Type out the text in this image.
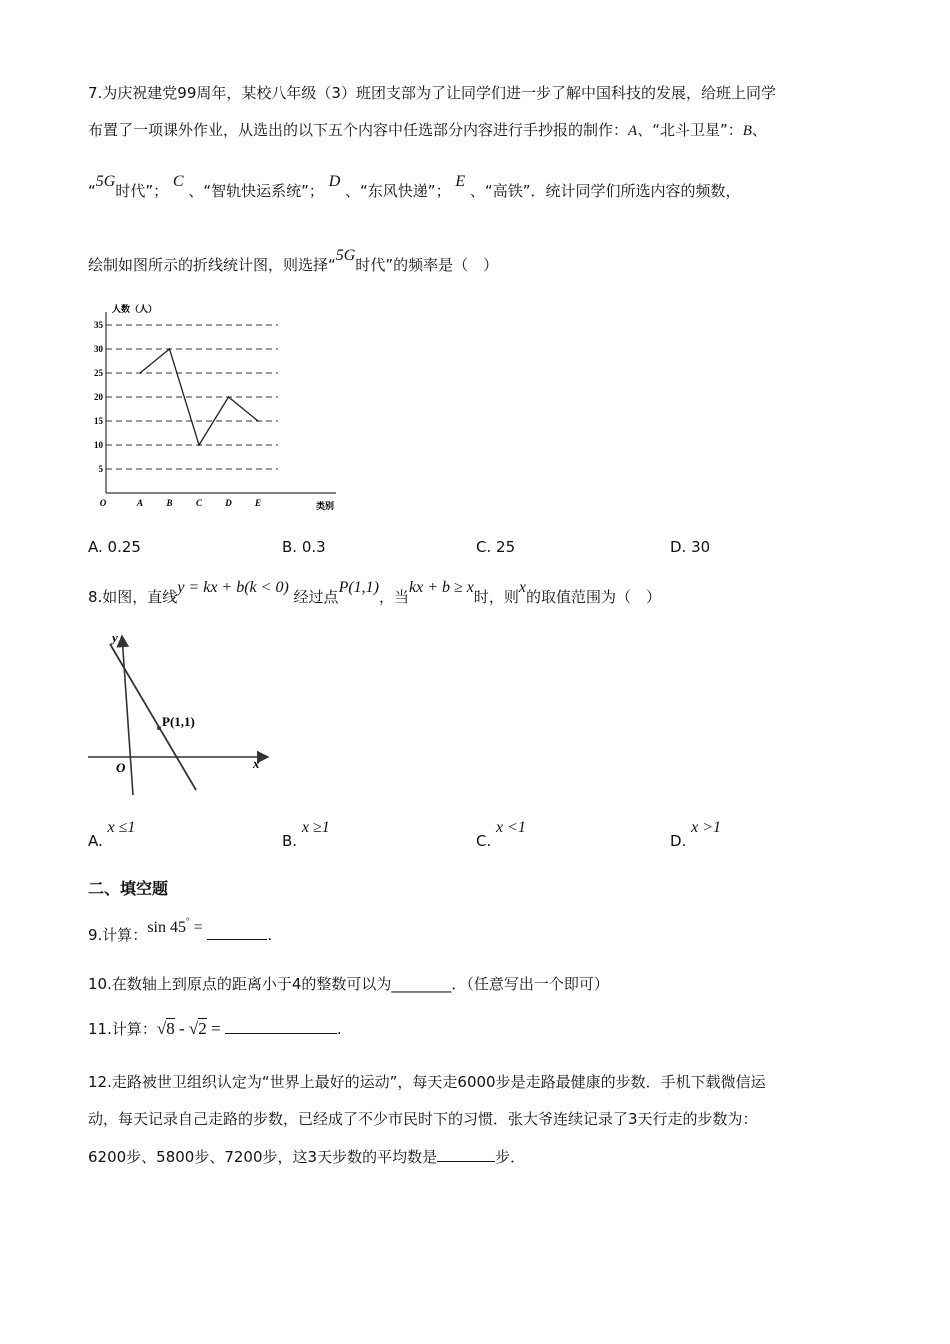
7.为庆祝建党99周年，某校八年级（3）班团支部为了让同学们进一步了解中国科技的发展，给班上同学
布置了一项课外作业，从选出的以下五个内容中任选部分内容进行手抄报的制作：A、“北斗卫星”：B、
“5G时代”； C 、“智轨快运系统”； D 、“东风快递”； E 、“高铁”．统计同学们所选内容的频数，
绘制如图所示的折线统计图，则选择“5G时代”的频率是（　）
5
10
15
20
25
30
35
人数（人）
类别
O	A	B	C	D	E
A. 0.25	B. 0.3	C. 25	D. 30
8.如图，直线y = kx + b(k < 0) 经过点P(1,1)，当kx + b ≥ x时，则x的取值范围为（　）
y
x
O
P(1,1)
A. x ≤1
B. x ≥1
C. x <1
D. x >1
二、填空题
9.计算：sin 45° =	.
10.在数轴上到原点的距离小于4的整数可以为________．（任意写出一个即可）
11.计算：√8 - √2 =	.
12.走路被世卫组织认定为“世界上最好的运动”，每天走6000步是走路最健康的步数．手机下载微信运
动，每天记录自己走路的步数，已经成了不少市民时下的习惯．张大爷连续记录了3天行走的步数为：
6200步、5800步、7200步，这3天步数的平均数是	步．
